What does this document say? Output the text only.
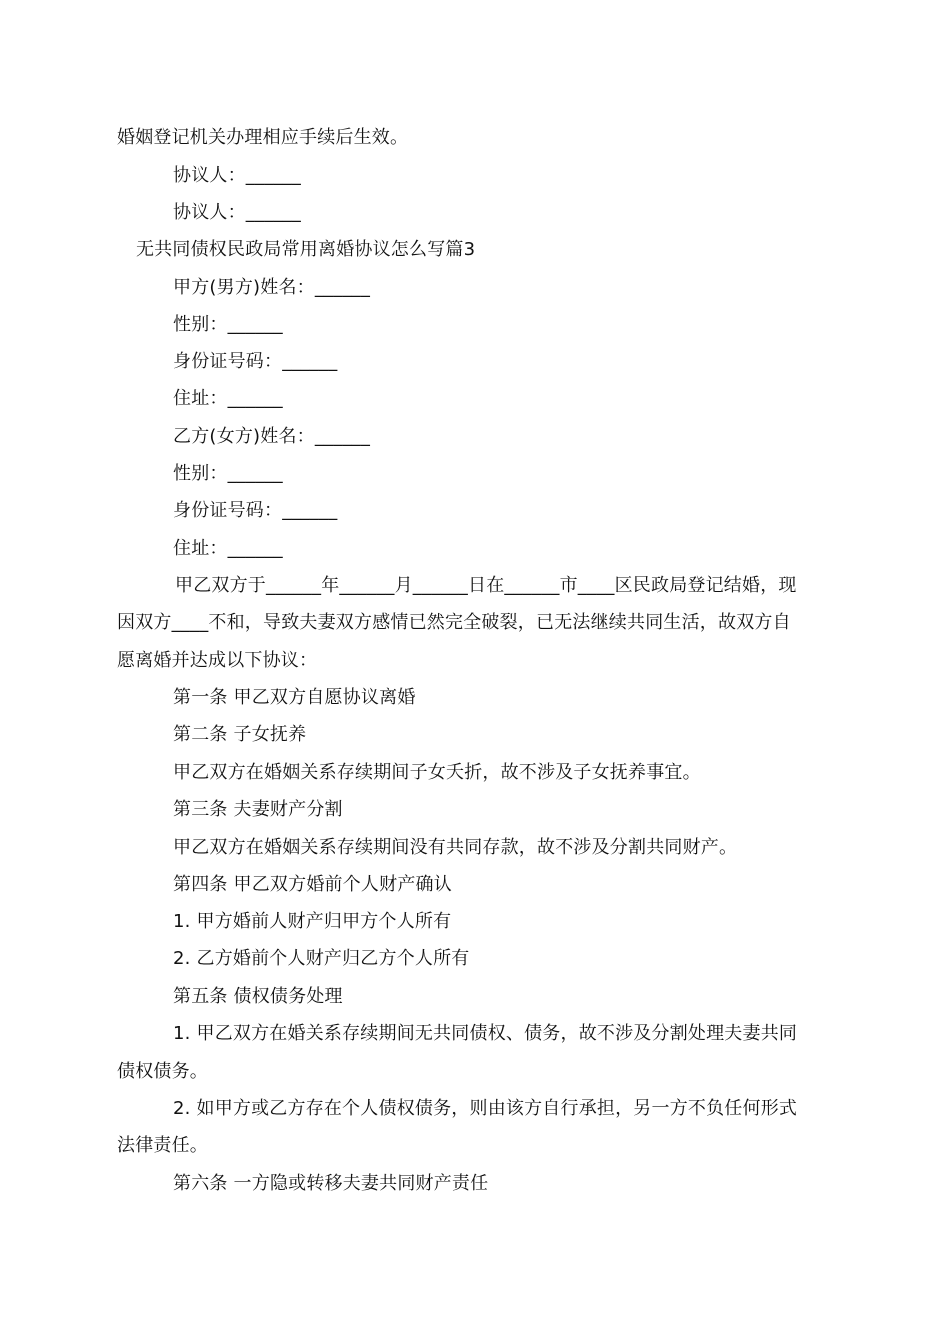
婚姻登记机关办理相应手续后生效。
协议人：______
协议人：______
无共同债权民政局常用离婚协议怎么写篇3
甲方(男方)姓名：______
性别：______
身份证号码：______
住址：______
乙方(女方)姓名：______
性别：______
身份证号码：______
住址：______
甲乙双方于______年______月______日在______市____区民政局登记结婚，现
因双方____不和，导致夫妻双方感情已然完全破裂，已无法继续共同生活，故双方自
愿离婚并达成以下协议：
第一条 甲乙双方自愿协议离婚
第二条 子女抚养
甲乙双方在婚姻关系存续期间子女夭折，故不涉及子女抚养事宜。
第三条 夫妻财产分割
甲乙双方在婚姻关系存续期间没有共同存款，故不涉及分割共同财产。
第四条 甲乙双方婚前个人财产确认
1. 甲方婚前人财产归甲方个人所有
2. 乙方婚前个人财产归乙方个人所有
第五条 债权债务处理
1. 甲乙双方在婚关系存续期间无共同债权、债务，故不涉及分割处理夫妻共同
债权债务。
2. 如甲方或乙方存在个人债权债务，则由该方自行承担，另一方不负任何形式
法律责任。
第六条 一方隐或转移夫妻共同财产责任
